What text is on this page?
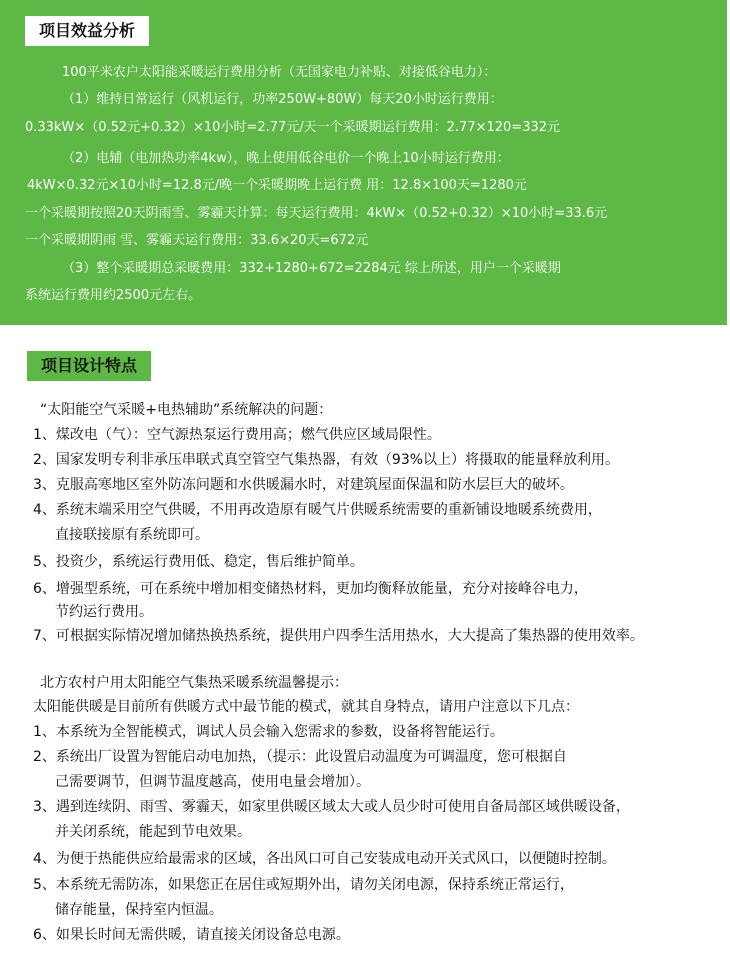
项目效益分析
100平米农户太阳能采暖运行费用分析（无国家电力补贴、对接低谷电力）：
（1）维持日常运行（风机运行，功率250W+80W）每天20小时运行费用：
0.33kW×（0.52元+0.32）×10小时=2.77元/天一个采暖期运行费用：2.77×120=332元
（2）电辅（电加热功率4kw），晚上使用低谷电价一个晚上10小时运行费用：
4kW×0.32元×10小时=12.8元/晚一个采暖期晚上运行费 用：12.8×100天=1280元
一个采暖期按照20天阴雨雪、雾霾天计算：每天运行费用：4kW×（0.52+0.32）×10小时=33.6元
一个采暖期阴雨 雪、雾霾天运行费用：33.6×20天=672元
（3）整个采暖期总采暖费用：332+1280+672=2284元 综上所述，用户一个采暖期
系统运行费用约2500元左右。
项目设计特点
“太阳能空气采暖+电热辅助”系统解决的问题：
1、煤改电（气）：空气源热泵运行费用高；燃气供应区域局限性。
2、国家发明专利非承压串联式真空管空气集热器，有效（93%以上）将摄取的能量释放利用。
3、克服高寒地区室外防冻问题和水供暖漏水时，对建筑屋面保温和防水层巨大的破坏。
4、系统末端采用空气供暖，不用再改造原有暖气片供暖系统需要的重新铺设地暖系统费用，
直接联接原有系统即可。
5、投资少，系统运行费用低、稳定，售后维护简单。
6、增强型系统，可在系统中增加相变储热材料，更加均衡释放能量，充分对接峰谷电力，
节约运行费用。
7、可根据实际情况增加储热换热系统，提供用户四季生活用热水，大大提高了集热器的使用效率。
北方农村户用太阳能空气集热采暖系统温馨提示：
太阳能供暖是目前所有供暖方式中最节能的模式，就其自身特点，请用户注意以下几点：
1、本系统为全智能模式，调试人员会输入您需求的参数，设备将智能运行。
2、系统出厂设置为智能启动电加热，（提示：此设置启动温度为可调温度，您可根据自
己需要调节，但调节温度越高，使用电量会增加）。
3、遇到连续阴、雨雪、雾霾天，如家里供暖区域太大或人员少时可使用自备局部区域供暖设备，
并关闭系统，能起到节电效果。
4、为便于热能供应给最需求的区域，各出风口可自己安装成电动开关式风口，以便随时控制。
5、本系统无需防冻，如果您正在居住或短期外出，请勿关闭电源，保持系统正常运行，
储存能量，保持室内恒温。
6、如果长时间无需供暖，请直接关闭设备总电源。
